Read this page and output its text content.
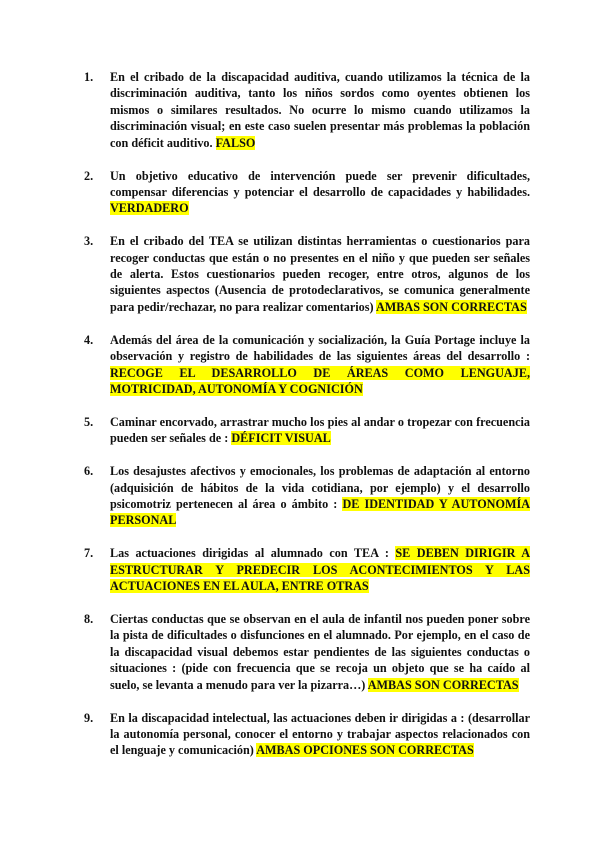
1. En el cribado de la discapacidad auditiva, cuando utilizamos la técnica de la discriminación auditiva, tanto los niños sordos como oyentes obtienen los mismos o similares resultados. No ocurre lo mismo cuando utilizamos la discriminación visual; en este caso suelen presentar más problemas la población con déficit auditivo. FALSO
2. Un objetivo educativo de intervención puede ser prevenir dificultades, compensar diferencias y potenciar el desarrollo de capacidades y habilidades. VERDADERO
3. En el cribado del TEA se utilizan distintas herramientas o cuestionarios para recoger conductas que están o no presentes en el niño y que pueden ser señales de alerta. Estos cuestionarios pueden recoger, entre otros, algunos de los siguientes aspectos (Ausencia de protodeclarativos, se comunica generalmente para pedir/rechazar, no para realizar comentarios) AMBAS SON CORRECTAS
4. Además del área de la comunicación y socialización, la Guía Portage incluye la observación y registro de habilidades de las siguientes áreas del desarrollo : RECOGE EL DESARROLLO DE ÁREAS COMO LENGUAJE, MOTRICIDAD, AUTONOMÍA Y COGNICIÓN
5. Caminar encorvado, arrastrar mucho los pies al andar o tropezar con frecuencia pueden ser señales de : DÉFICIT VISUAL
6. Los desajustes afectivos y emocionales, los problemas de adaptación al entorno (adquisición de hábitos de la vida cotidiana, por ejemplo) y el desarrollo psicomotriz pertenecen al área o ámbito : DE IDENTIDAD Y AUTONOMÍA PERSONAL
7. Las actuaciones dirigidas al alumnado con TEA : SE DEBEN DIRIGIR A ESTRUCTURAR Y PREDECIR LOS ACONTECIMIENTOS Y LAS ACTUACIONES EN EL AULA, ENTRE OTRAS
8. Ciertas conductas que se observan en el aula de infantil nos pueden poner sobre la pista de dificultades o disfunciones en el alumnado. Por ejemplo, en el caso de la discapacidad visual debemos estar pendientes de las siguientes conductas o situaciones : (pide con frecuencia que se recoja un objeto que se ha caído al suelo, se levanta a menudo para ver la pizarra…) AMBAS SON CORRECTAS
9. En la discapacidad intelectual, las actuaciones deben ir dirigidas a : (desarrollar la autonomía personal, conocer el entorno y trabajar aspectos relacionados con el lenguaje y comunicación) AMBAS OPCIONES SON CORRECTAS
